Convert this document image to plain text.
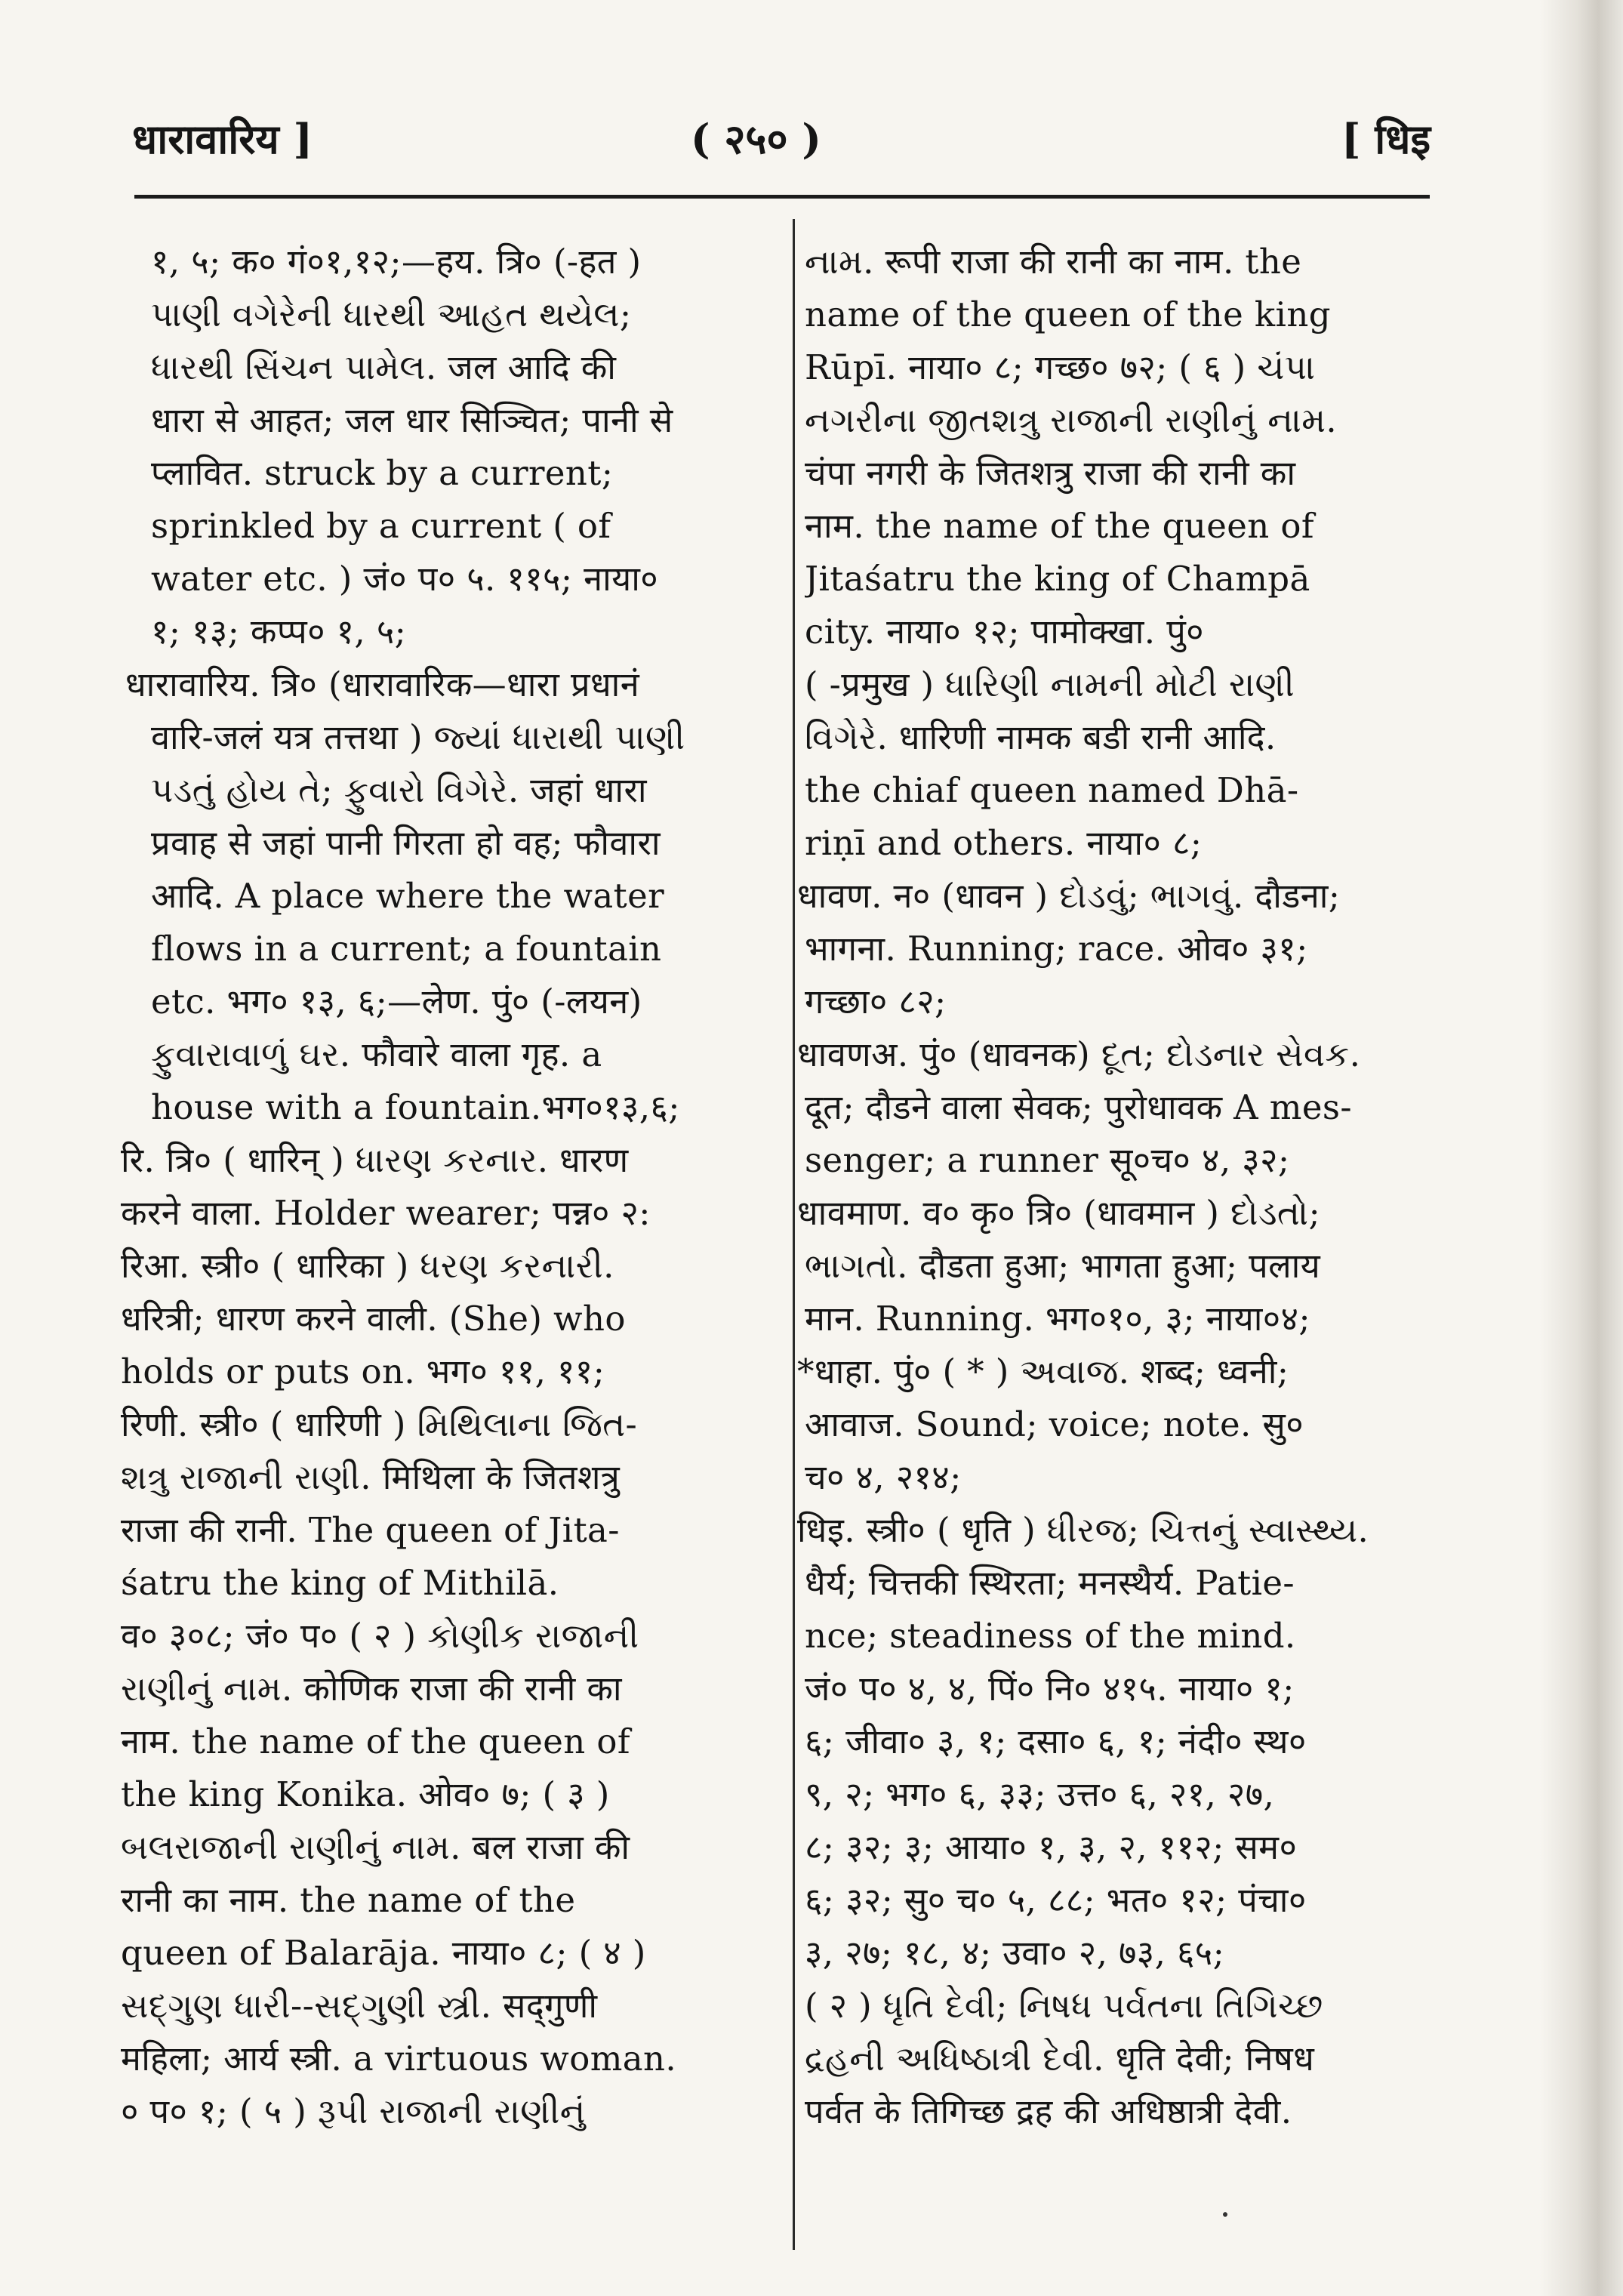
धारावारिय ]	( २५० )	[ धिइ
१, ५; क० गं०१,१२;—हय. त्रि० (-हत )
પાણી વગેરેની ધારથી આહત થયેલ;
ધારથી સિંચન પામેલ. जल आदि की
धारा से आहत; जल धार सिञ्चित; पानी से
प्लावित. struck by a current;
sprinkled by a current ( of
water etc. ) जं० प० ५. ११५; नाया०
१; १३; कप्प० १, ५;
धारावारिय. त्रि० (धारावारिक—धारा प्रधानं
वारि-जलं यत्र तत्तथा ) જ્યાં ધારાથી પાણી
પડતું હોય તે; ફુવારો વિગેરે. जहां धारा
प्रवाह से जहां पानी गिरता हो वह; फौवारा
आदि. A place where the water
flows in a current; a fountain
etc. भग० १३, ६;—लेण. पुं० (-लयन)
ફુવારાવાળું ઘર. फौवारे वाला गृह. a
house with a fountain.भग०१३,६;
रि. त्रि० ( धारिन् ) ધારણ કરનાર. धारण
करने वाला. Holder wearer; पन्न० २:
रिआ. स्त्री० ( धारिका ) ધરણ કરનારી.
धरित्री; धारण करने वाली. (She) who
holds or puts on. भग० ११, ११;
रिणी. स्त्री० ( धारिणी ) મિથિલાના જિત-
શત્રુ રાજાની રાણી. मिथिला के जितशत्रु
राजा की रानी. The queen of Jita-
śatru the king of Mithilā.
व० ३०८; जं० प० ( २ ) કોણીક રાજાની
રાણીનું નામ. कोणिक राजा की रानी का
नाम. the name of the queen of
the king Konika. ओव० ७; ( ३ )
બલરાજાની રાણીનું નામ. बल राजा की
रानी का नाम. the name of the
queen of Balarāja. नाया० ८; ( ४ )
સદ્‌ગુણ ધારી--સદ્‌ગુણી સ્ત્રી. सद्‌गुणी
महिला; आर्य स्त्री. a virtuous woman.
० प० १; ( ५ ) રૂપી રાજાની રાણીનું
નામ. रूपी राजा की रानी का नाम. the
name of the queen of the king
Rūpī. नाया० ८; गच्छ० ७२; ( ६ ) ચંપા
નગરીના જીતશત્રુ રાજાની રાણીનું નામ.
चंपा नगरी के जितशत्रु राजा की रानी का
नाम. the name of the queen of
Jitaśatru the king of Champā
city. नाया० १२; पामोक्खा. पुं०
( -प्रमुख ) ધારિણી નામની મોટી રાણી
વિગેરે. धारिणी नामक बडी रानी आदि.
the chiaf queen named Dhā-
riṇī and others. नाया० ८;
धावण. न० (धावन ) દોડવું; ભાગવું. दौडना;
भागना. Running; race. ओव० ३१;
गच्छा० ८२;
धावणअ. पुं० (धावनक) દૂત; દોડનાર સેવક.
दूत; दौडने वाला सेवक; पुरोधावक A mes-
senger; a runner सू०च० ४, ३२;
धावमाण. व० कृ० त्रि० (धावमान ) દોડતો;
ભાગતો. दौडता हुआ; भागता हुआ; पलाय
मान. Running. भग०१०, ३; नाया०४;
*धाहा. पुं० ( * ) અવાજ. शब्द; ध्वनी;
आवाज. Sound; voice; note. सु०
च० ४, २१४;
धिइ. स्त्री० ( धृति ) ધીરજ; ચિત્તનું સ્વાસ્થ્ય.
धैर्य; चित्तकी स्थिरता; मनस्थैर्य. Patie-
nce; steadiness of the mind.
जं० प० ४, ४, पिं० नि० ४१५. नाया० १;
६; जीवा० ३, १; दसा० ६, १; नंदी० स्थ०
९, २; भग० ६, ३३; उत्त० ६, २१, २७,
८; ३२; ३; आया० १, ३, २, ११२; सम०
६; ३२; सु० च० ५, ८८; भत० १२; पंचा०
३, २७; १८, ४; उवा० २, ७३, ६५;
( २ ) ધૃતિ દેવી; નિષધ પર્વતના તિગિચ્છ
દ્રહની અધિષ્ઠાત્રી દેવી. धृति देवी; निषध
पर्वत के तिगिच्छ द्रह की अधिष्ठात्री देवी.
